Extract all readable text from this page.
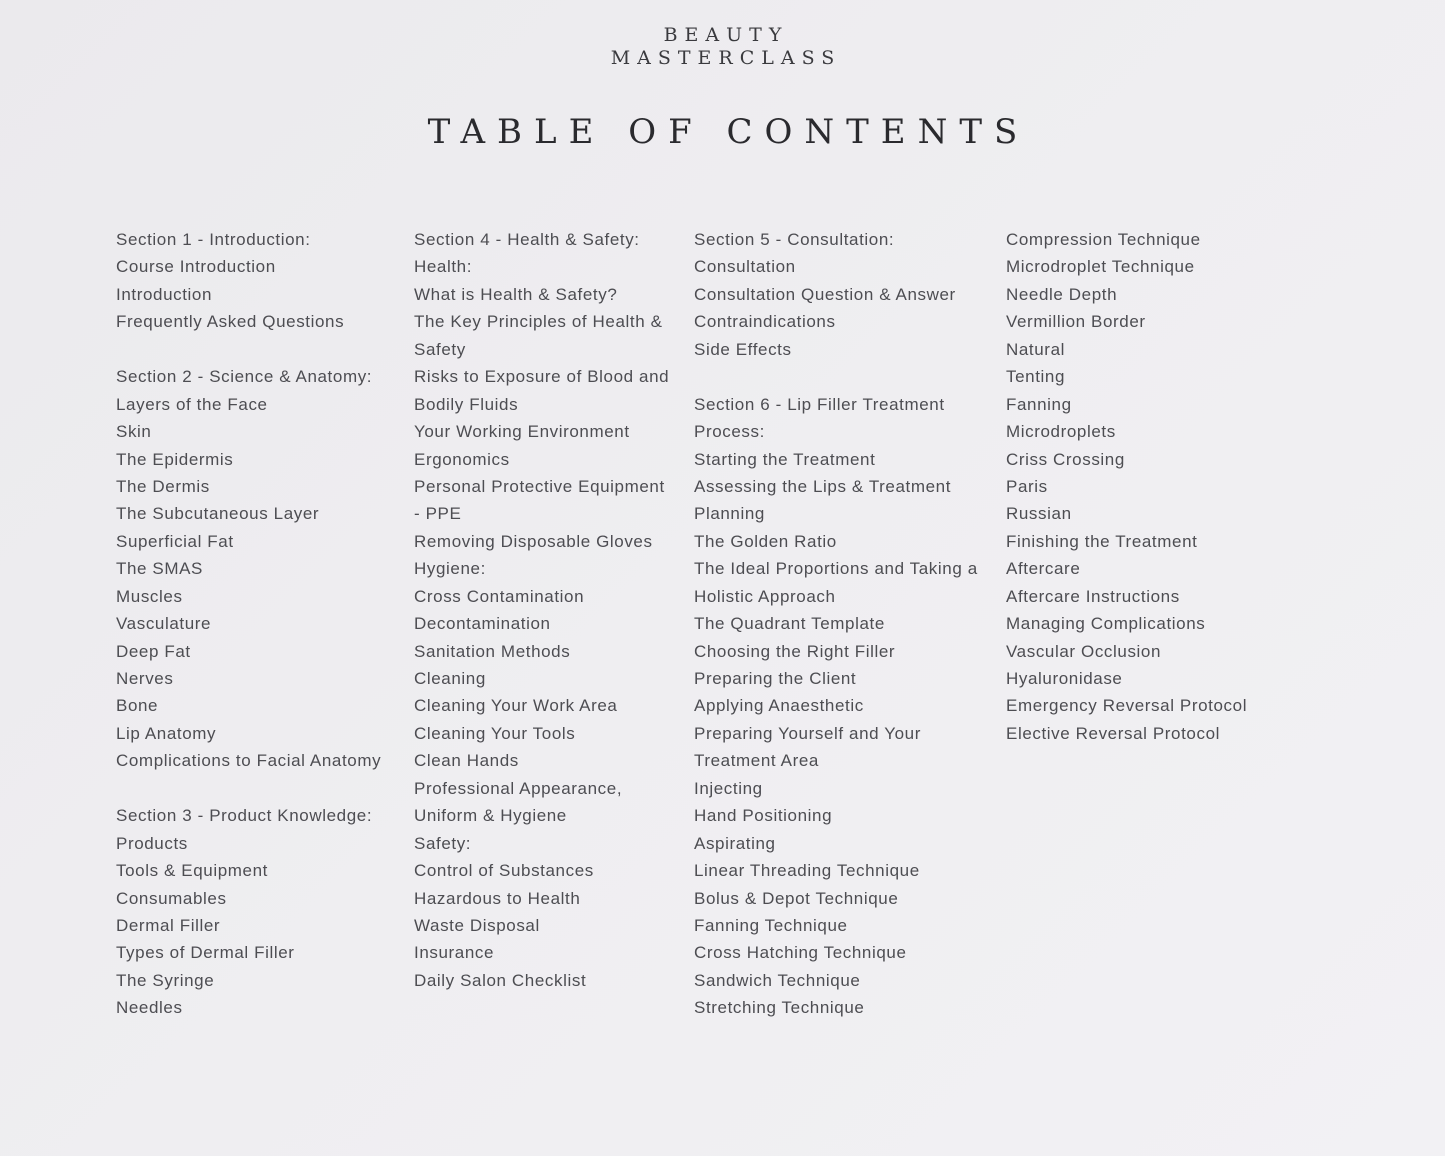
BEAUTY
MASTERCLASS
TABLE OF CONTENTS
Section 1 - Introduction:
Course Introduction
Introduction
Frequently Asked Questions
Section 2 - Science & Anatomy:
Layers of the Face
Skin
The Epidermis
The Dermis
The Subcutaneous Layer
Superficial Fat
The SMAS
Muscles
Vasculature
Deep Fat
Nerves
Bone
Lip Anatomy
Complications to Facial Anatomy
Section 3 - Product Knowledge:
Products
Tools & Equipment
Consumables
Dermal Filler
Types of Dermal Filler
The Syringe
Needles
Section 4 - Health & Safety:
Health:
What is Health & Safety?
The Key Principles of Health &
Safety
Risks to Exposure of Blood and
Bodily Fluids
Your Working Environment
Ergonomics
Personal Protective Equipment
- PPE
Removing Disposable Gloves
Hygiene:
Cross Contamination
Decontamination
Sanitation Methods
Cleaning
Cleaning Your Work Area
Cleaning Your Tools
Clean Hands
Professional Appearance,
Uniform & Hygiene
Safety:
Control of Substances
Hazardous to Health
Waste Disposal
Insurance
Daily Salon Checklist
Section 5 - Consultation:
Consultation
Consultation Question & Answer
Contraindications
Side Effects
Section 6 - Lip Filler Treatment
Process:
Starting the Treatment
Assessing the Lips & Treatment
Planning
The Golden Ratio
The Ideal Proportions and Taking a
Holistic Approach
The Quadrant Template
Choosing the Right Filler
Preparing the Client
Applying Anaesthetic
Preparing Yourself and Your
Treatment Area
Injecting
Hand Positioning
Aspirating
Linear Threading Technique
Bolus & Depot Technique
Fanning Technique
Cross Hatching Technique
Sandwich Technique
Stretching Technique
Compression Technique
Microdroplet Technique
Needle Depth
Vermillion Border
Natural
Tenting
Fanning
Microdroplets
Criss Crossing
Paris
Russian
Finishing the Treatment
Aftercare
Aftercare Instructions
Managing Complications
Vascular Occlusion
Hyaluronidase
Emergency Reversal Protocol
Elective Reversal Protocol
